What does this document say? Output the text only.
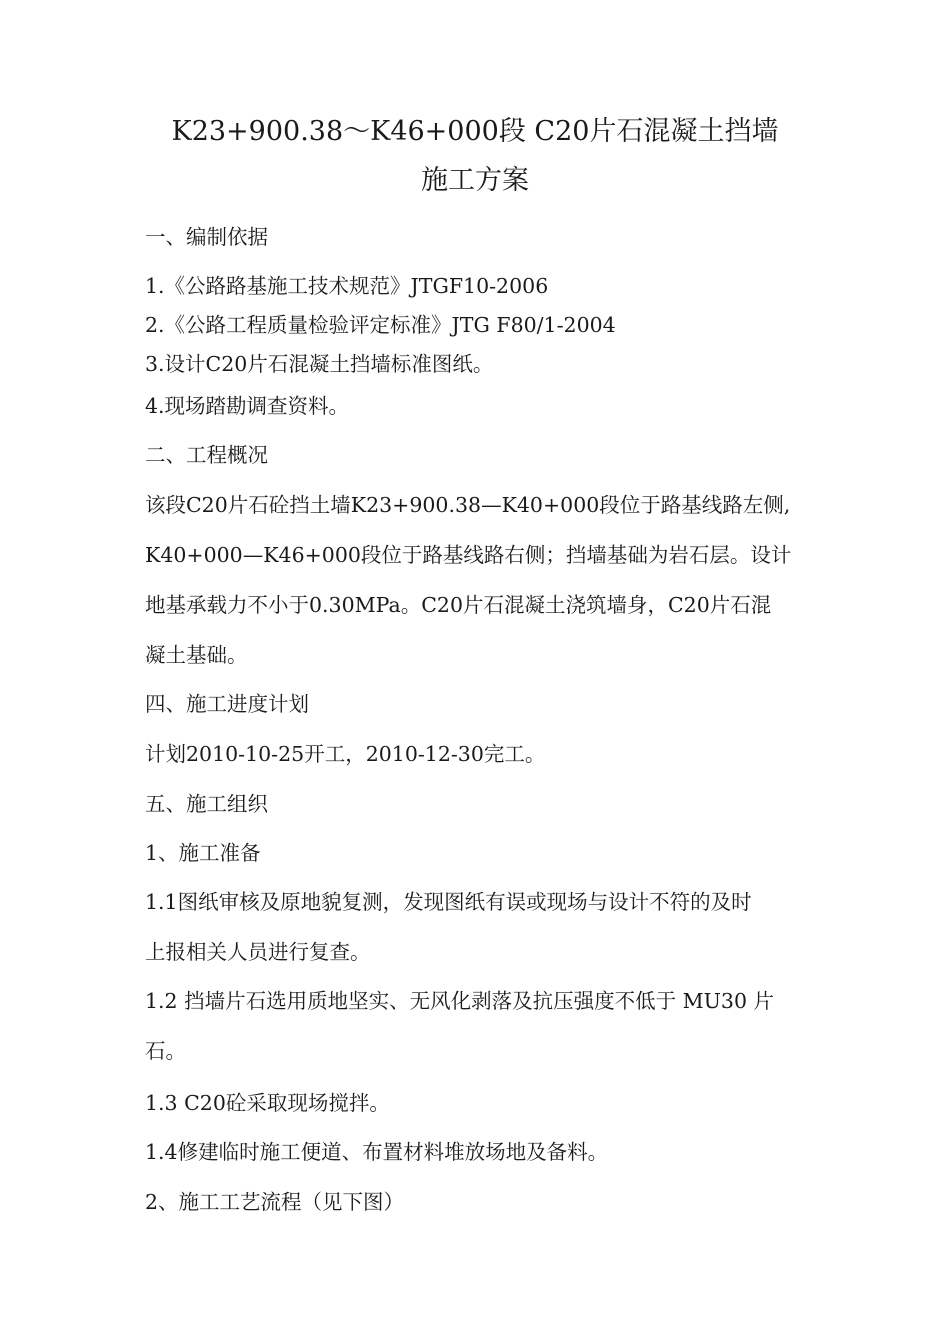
K23+900.38～K46+000段 C20片石混凝土挡墙
施工方案
一、编制依据
1.《公路路基施工技术规范》JTGF10-2006
2.《公路工程质量检验评定标准》JTG F80/1-2004
3.设计C20片石混凝土挡墙标准图纸。
4.现场踏勘调查资料。
二、工程概况
该段C20片石砼挡土墙K23+900.38—K40+000段位于路基线路左侧,
K40+000—K46+000段位于路基线路右侧；挡墙基础为岩石层。设计
地基承载力不小于0.30MPa。C20片石混凝土浇筑墙身，C20片石混
凝土基础。
四、施工进度计划
计划2010-10-25开工，2010-12-30完工。
五、施工组织
1、施工准备
1.1图纸审核及原地貌复测，发现图纸有误或现场与设计不符的及时
上报相关人员进行复查。
1.2 挡墙片石选用质地坚实、无风化剥落及抗压强度不低于 MU30 片
石。
1.3 C20砼采取现场搅拌。
1.4修建临时施工便道、布置材料堆放场地及备料。
2、施工工艺流程（见下图）
